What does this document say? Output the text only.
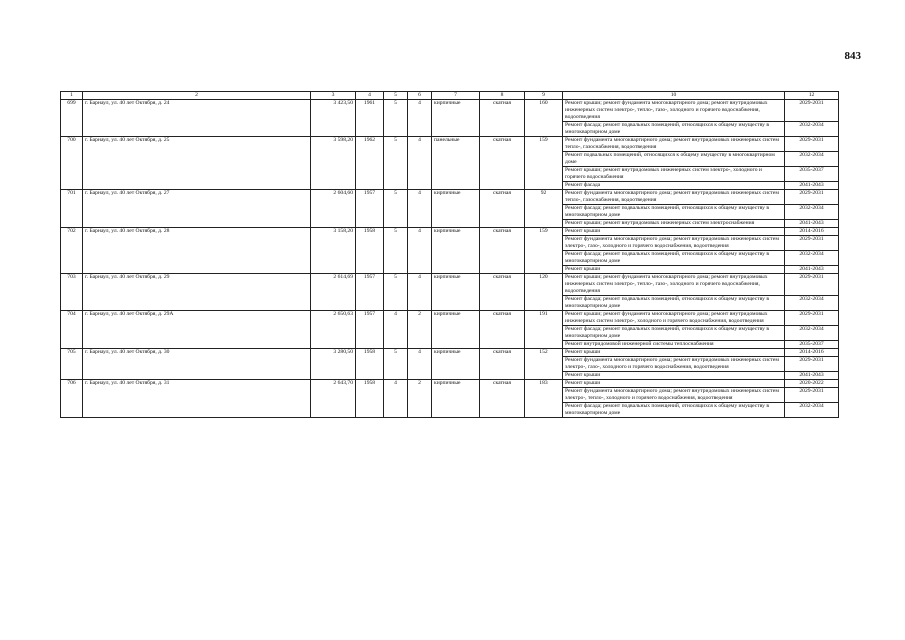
843
1	2	3	4	5	6	7	8	9	10	12
699	г. Барнаул, ул. 40 лет Октября, д. 24	3 423,50	1961	5	4	кирпичные	скатная	160	Ремонт крыши; ремонт фундамента многоквартирного дома; ремонт внутридомовых инженерных систем электро-, тепло-, газо-, холодного и горячего водоснабжения, водоотведения	2029-2031
									Ремонт фасада; ремонт подвальных помещений, относящихся к общему имуществу в многоквартирном доме	2032-2034
700	г. Барнаул, ул. 40 лет Октября, д. 25	3 598,20	1962	5	4	панельные	скатная	159	Ремонт фундамента многоквартирного дома; ремонт внутридомовых инженерных систем тепло-, газоснабжения, водоотведения	2029-2031
									Ремонт подвальных помещений, относящихся к общему имуществу в многоквартирном доме	2032-2034
									Ремонт крыши; ремонт внутридомовых инженерных систем электро-, холодного и горячего водоснабжения	2035-2037
									Ремонт фасада	2041-2043
701	г. Барнаул, ул. 40 лет Октября, д. 27	2 604,60	1957	5	4	кирпичные	скатная	92	Ремонт фундамента многоквартирного дома; ремонт внутридомовых инженерных систем тепло-, газоснабжения, водоотведения	2029-2031
									Ремонт фасада; ремонт подвальных помещений, относящихся к общему имуществу в многоквартирном доме	2032-2034
									Ремонт крыши; ремонт внутридомовых инженерных систем электроснабжения	2041-2043
702	г. Барнаул, ул. 40 лет Октября, д. 28	3 158,20	1958	5	4	кирпичные	скатная	159	Ремонт крыши	2014-2016
									Ремонт фундамента многоквартирного дома; ремонт внутридомовых инженерных систем электро-, газо-, холодного и горячего водоснабжения, водоотведения	2029-2031
									Ремонт фасада; ремонт подвальных помещений, относящихся к общему имуществу в многоквартирном доме	2032-2034
									Ремонт крыши	2041-2043
703	г. Барнаул, ул. 40 лет Октября, д. 29	2 614,69	1957	5	4	кирпичные	скатная	120	Ремонт крыши; ремонт фундамента многоквартирного дома; ремонт внутридомовых инженерных систем электро-, тепло-, газо-, холодного и горячего водоснабжения, водоотведения	2029-2031
									Ремонт фасада; ремонт подвальных помещений, относящихся к общему имуществу в многоквартирном доме	2032-2034
704	г. Барнаул, ул. 40 лет Октября, д. 29А	2 650,63	1957	4	2	кирпичные	скатная	191	Ремонт крыши; ремонт фундамента многоквартирного дома; ремонт внутридомовых инженерных систем электро-, холодного и горячего водоснабжения, водоотведения	2029-2031
									Ремонт фасада; ремонт подвальных помещений, относящихся к общему имуществу в многоквартирном доме	2032-2034
									Ремонт внутридомовой инженерной системы теплоснабжения	2035-2037
705	г. Барнаул, ул. 40 лет Октября, д. 30	3 280,50	1958	5	4	кирпичные	скатная	152	Ремонт крыши	2014-2016
									Ремонт фундамента многоквартирного дома; ремонт внутридомовых инженерных систем электро-, газо-, холодного и горячего водоснабжения, водоотведения	2029-2031
									Ремонт крыши	2041-2043
706	г. Барнаул, ул. 40 лет Октября, д. 31	2 643,70	1958	4	2	кирпичные	скатная	183	Ремонт крыши	2020-2022
									Ремонт фундамента многоквартирного дома; ремонт внутридомовых инженерных систем электро-, тепло-, холодного и горячего водоснабжения, водоотведения	2029-2031
									Ремонт фасада; ремонт подвальных помещений, относящихся к общему имуществу в многоквартирном доме	2032-2034
